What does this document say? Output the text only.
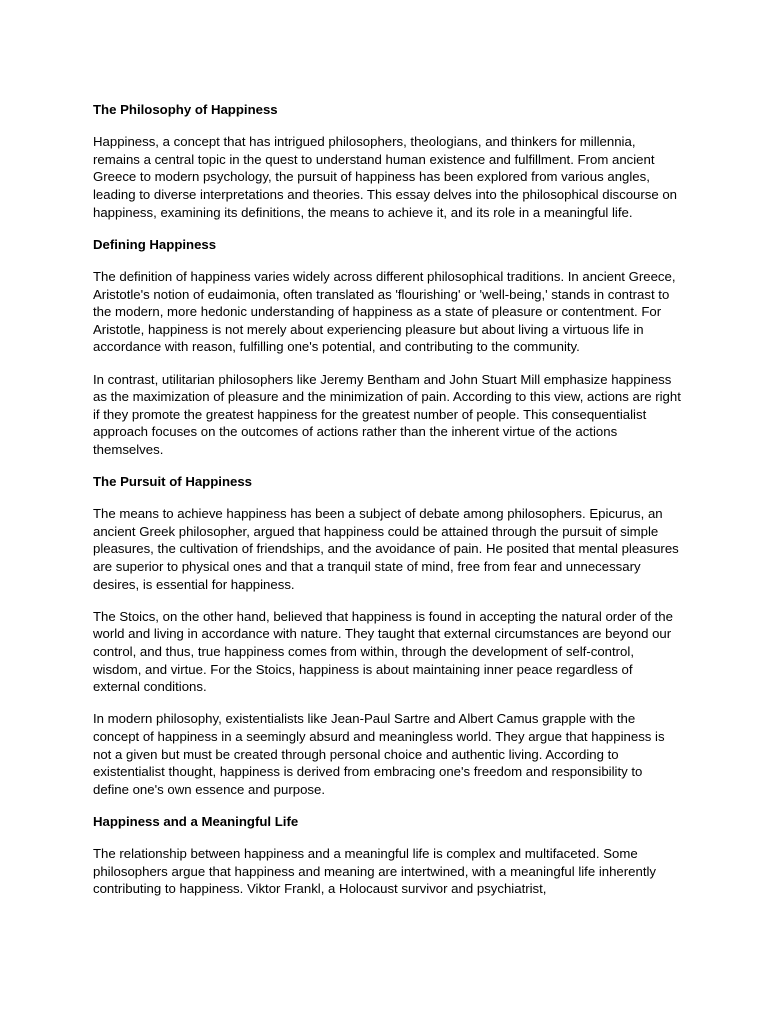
The Philosophy of Happiness

Happiness, a concept that has intrigued philosophers, theologians, and thinkers for millennia, remains a central topic in the quest to understand human existence and fulfillment. From ancient Greece to modern psychology, the pursuit of happiness has been explored from various angles, leading to diverse interpretations and theories. This essay delves into the philosophical discourse on happiness, examining its definitions, the means to achieve it, and its role in a meaningful life.

Defining Happiness

The definition of happiness varies widely across different philosophical traditions. In ancient Greece, Aristotle's notion of eudaimonia, often translated as 'flourishing' or 'well-being,' stands in contrast to the modern, more hedonic understanding of happiness as a state of pleasure or contentment. For Aristotle, happiness is not merely about experiencing pleasure but about living a virtuous life in accordance with reason, fulfilling one's potential, and contributing to the community.

In contrast, utilitarian philosophers like Jeremy Bentham and John Stuart Mill emphasize happiness as the maximization of pleasure and the minimization of pain. According to this view, actions are right if they promote the greatest happiness for the greatest number of people. This consequentialist approach focuses on the outcomes of actions rather than the inherent virtue of the actions themselves.

The Pursuit of Happiness

The means to achieve happiness has been a subject of debate among philosophers. Epicurus, an ancient Greek philosopher, argued that happiness could be attained through the pursuit of simple pleasures, the cultivation of friendships, and the avoidance of pain. He posited that mental pleasures are superior to physical ones and that a tranquil state of mind, free from fear and unnecessary desires, is essential for happiness.

The Stoics, on the other hand, believed that happiness is found in accepting the natural order of the world and living in accordance with nature. They taught that external circumstances are beyond our control, and thus, true happiness comes from within, through the development of self-control, wisdom, and virtue. For the Stoics, happiness is about maintaining inner peace regardless of external conditions.

In modern philosophy, existentialists like Jean-Paul Sartre and Albert Camus grapple with the concept of happiness in a seemingly absurd and meaningless world. They argue that happiness is not a given but must be created through personal choice and authentic living. According to existentialist thought, happiness is derived from embracing one's freedom and responsibility to define one's own essence and purpose.

Happiness and a Meaningful Life

The relationship between happiness and a meaningful life is complex and multifaceted. Some philosophers argue that happiness and meaning are intertwined, with a meaningful life inherently contributing to happiness. Viktor Frankl, a Holocaust survivor and psychiatrist,
